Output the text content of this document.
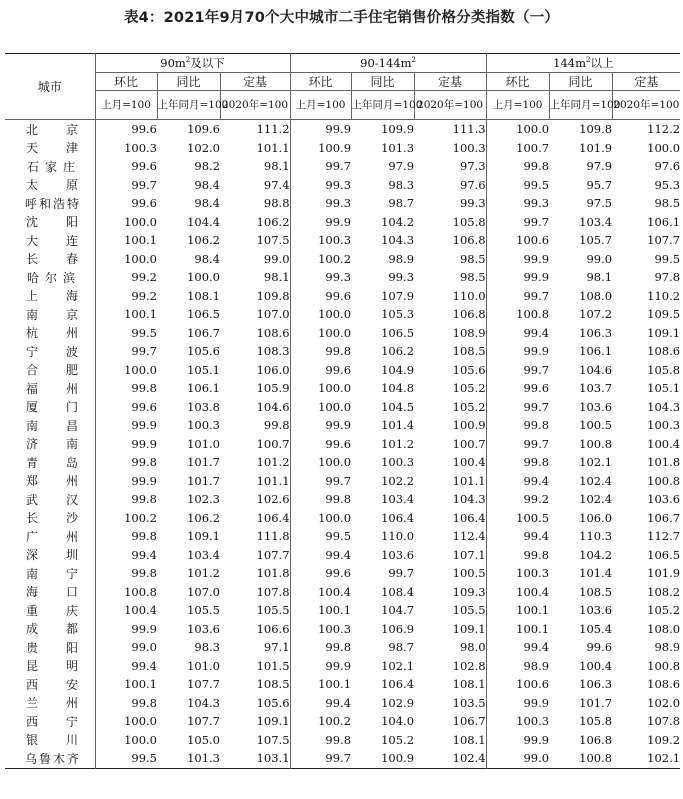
表4：2021年9月70个大中城市二手住宅销售价格分类指数（一）
城市	$90m^2$及以下			$90-144m^2$			$144m^2$以上		
	环比	同比	定基	环比	同比	定基	环比	同比	定基
	上月=100	上年同月=100	2020年=100	上月=100	上年同月=100	2020年=100	上月=100	上年同月=100	2020年=100

北京	99.6	109.6	111.2	99.9	109.9	111.3	100.0	109.8	112.2

天津	100.3	102.0	101.1	100.9	101.3	100.3	100.7	101.9	100.0

石家庄	99.6	98.2	98.1	99.7	97.9	97.3	99.8	97.9	97.6

太原	99.7	98.4	97.4	99.3	98.3	97.6	99.5	95.7	95.3

呼和浩特	99.6	98.4	98.8	99.3	98.7	99.3	99.3	97.5	98.5

沈阳	100.0	104.4	106.2	99.9	104.2	105.8	99.7	103.4	106.1

大连	100.1	106.2	107.5	100.3	104.3	106.8	100.6	105.7	107.7

长春	100.0	98.4	99.0	100.2	98.9	98.5	99.9	99.0	99.5

哈尔滨	99.2	100.0	98.1	99.3	99.3	98.5	99.9	98.1	97.8

上海	99.2	108.1	109.8	99.6	107.9	110.0	99.7	108.0	110.2

南京	100.1	106.5	107.0	100.0	105.3	106.8	100.8	107.2	109.5

杭州	99.5	106.7	108.6	100.0	106.5	108.9	99.4	106.3	109.1

宁波	99.7	105.6	108.3	99.8	106.2	108.5	99.9	106.1	108.6

合肥	100.0	105.1	106.0	99.6	104.9	105.6	99.7	104.6	105.8

福州	99.8	106.1	105.9	100.0	104.8	105.2	99.6	103.7	105.1

厦门	99.6	103.8	104.6	100.0	104.5	105.2	99.7	103.6	104.3

南昌	99.9	100.3	99.8	99.9	101.4	100.9	99.8	100.5	100.3

济南	99.9	101.0	100.7	99.6	101.2	100.7	99.7	100.8	100.4

青岛	99.8	101.7	101.2	100.0	100.3	100.4	99.8	102.1	101.8

郑州	99.9	101.7	101.1	99.7	102.2	101.1	99.4	102.4	100.8

武汉	99.8	102.3	102.6	99.8	103.4	104.3	99.2	102.4	103.6

长沙	100.2	106.2	106.4	100.0	106.4	106.4	100.5	106.0	106.7

广州	99.8	109.1	111.8	99.5	110.0	112.4	99.4	110.3	112.7

深圳	99.4	103.4	107.7	99.4	103.6	107.1	99.8	104.2	106.5

南宁	99.8	101.2	101.8	99.6	99.7	100.5	100.3	101.4	101.9

海口	100.8	107.0	107.8	100.4	108.4	109.3	100.4	108.5	108.2

重庆	100.4	105.5	105.5	100.1	104.7	105.5	100.1	103.6	105.2

成都	99.9	103.6	106.6	100.3	106.9	109.1	100.1	105.4	108.0

贵阳	99.0	98.3	97.1	99.8	98.7	98.0	99.4	99.6	98.9

昆明	99.4	101.0	101.5	99.9	102.1	102.8	98.9	100.4	100.8

西安	100.1	107.7	108.5	100.1	106.4	108.1	100.6	106.3	108.6

兰州	99.8	104.3	105.6	99.4	102.9	103.5	99.9	101.7	102.0

西宁	100.0	107.7	109.1	100.2	104.0	106.7	100.3	105.8	107.8

银川	100.0	105.0	107.5	99.8	105.2	108.1	99.9	106.8	109.2

乌鲁木齐	99.5	101.3	103.1	99.7	100.9	102.4	99.0	100.8	102.1
